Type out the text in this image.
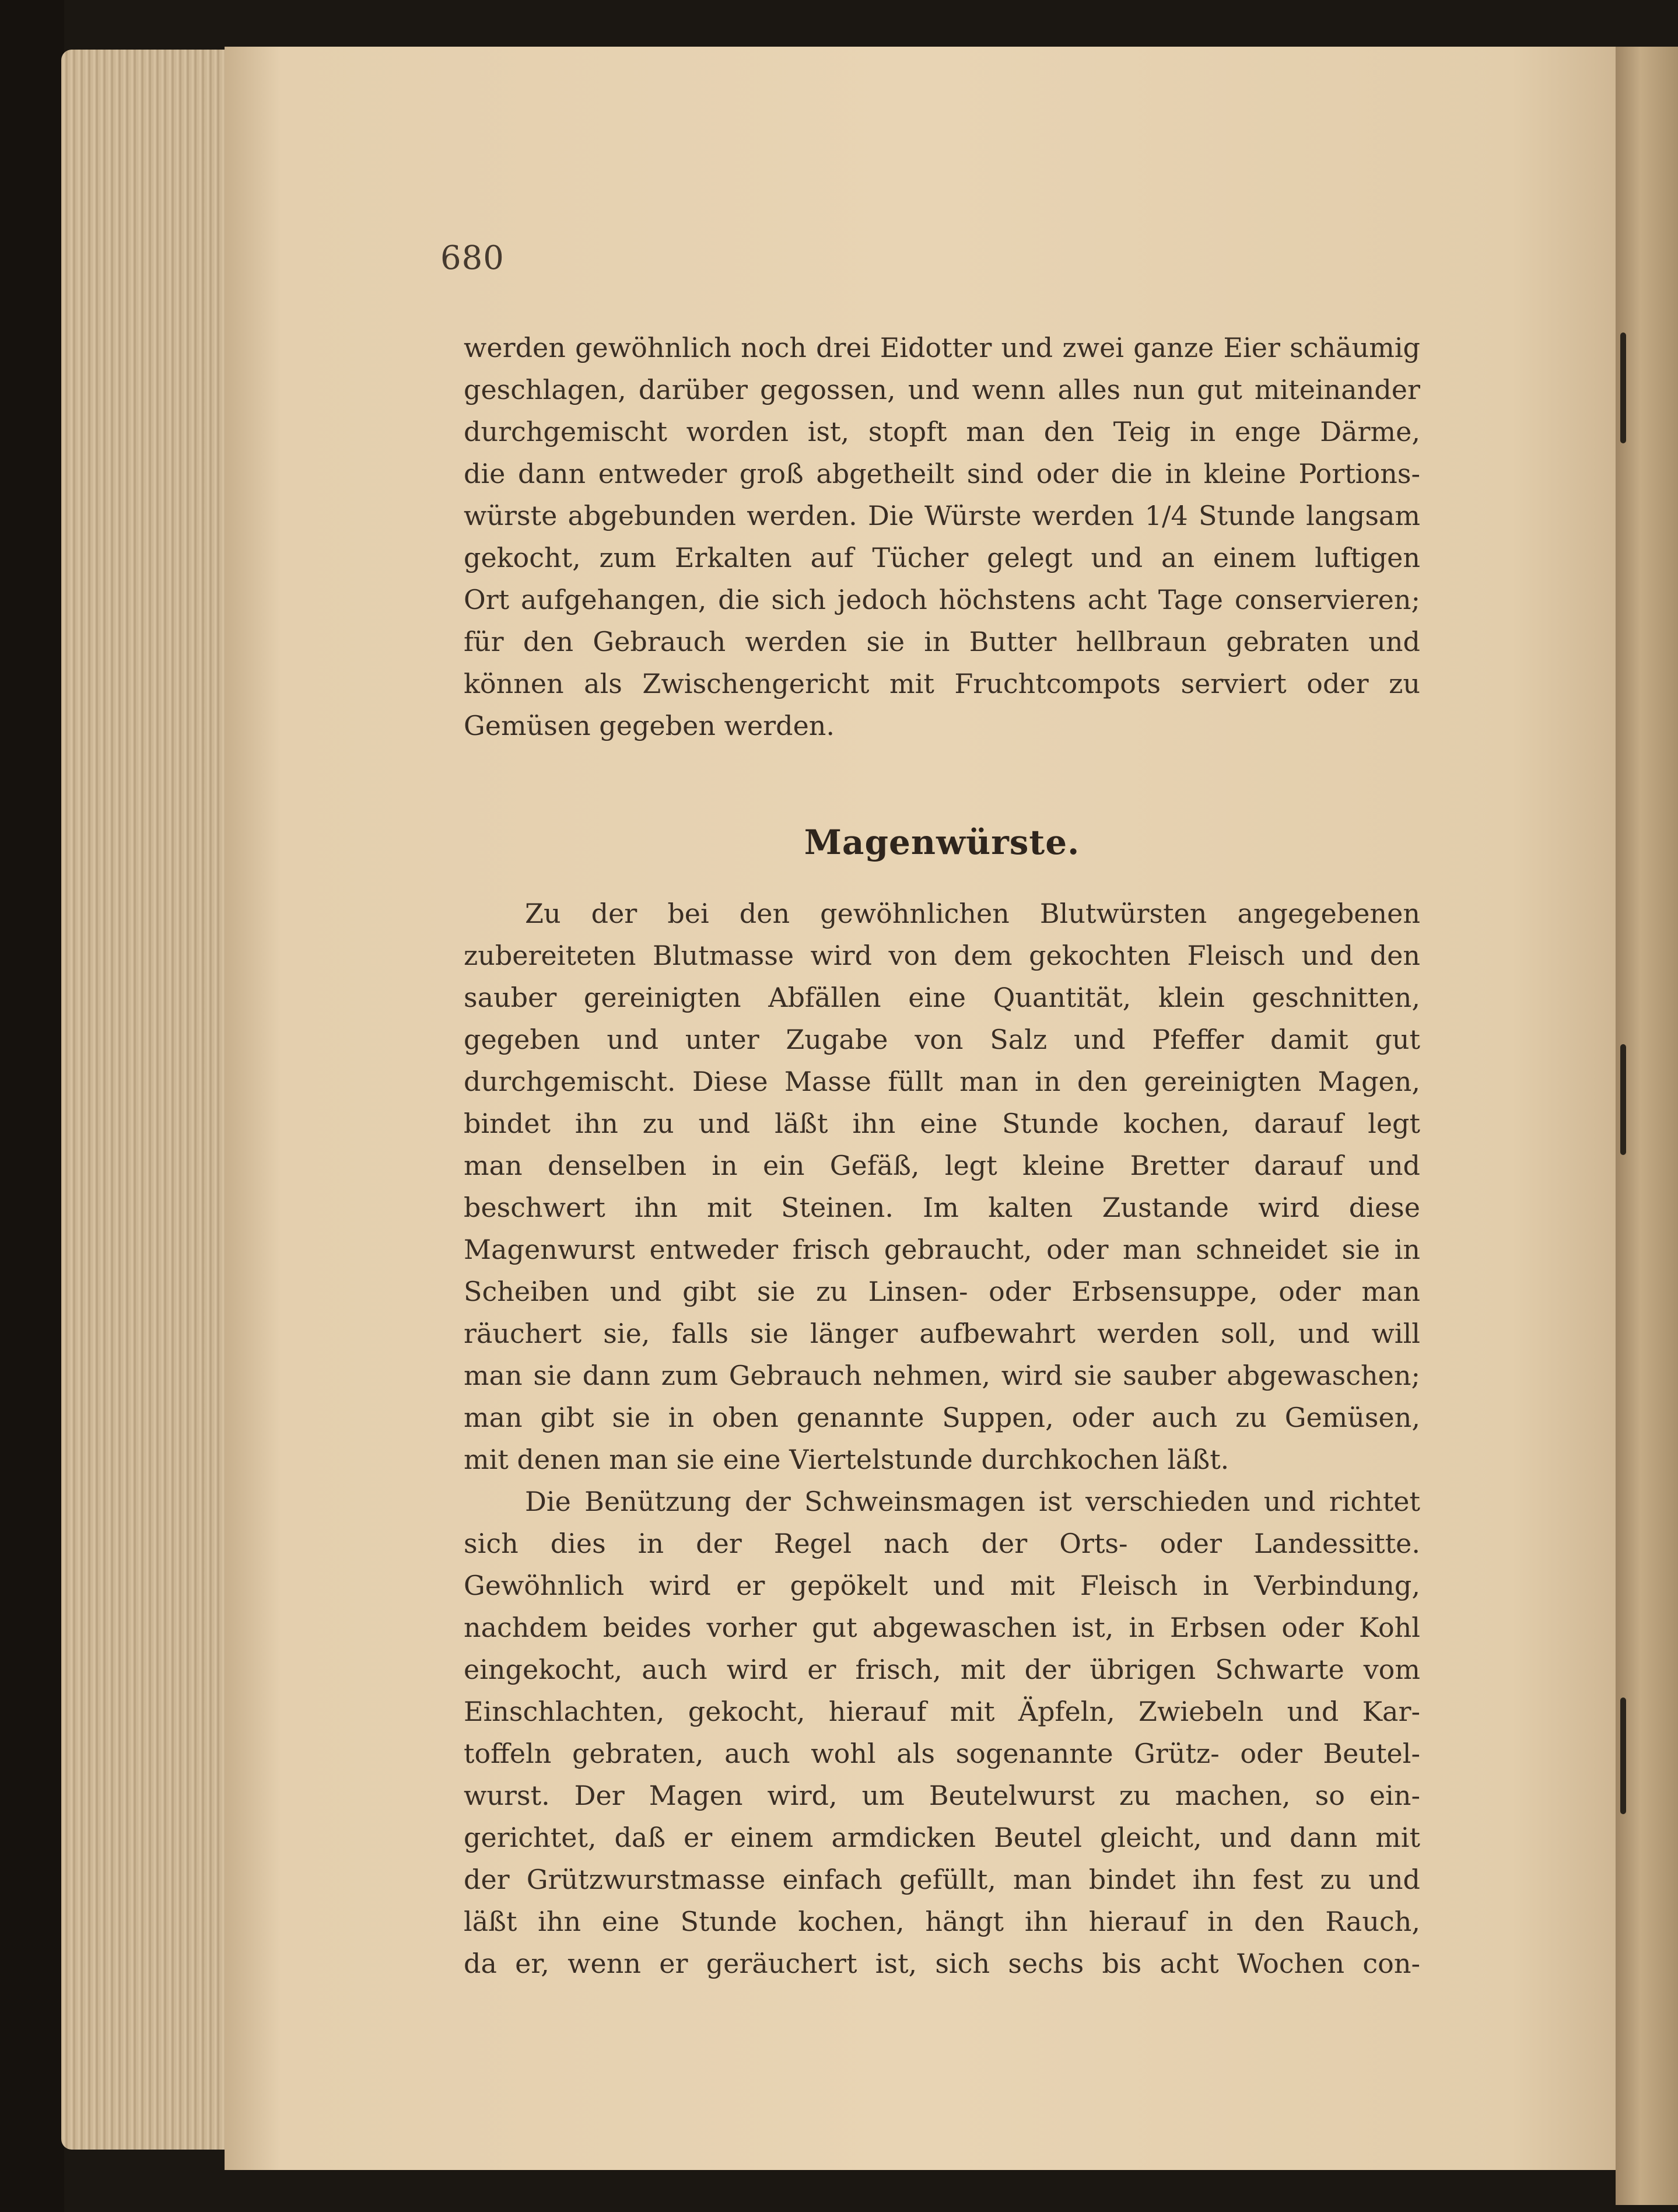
680
werden gewöhnlich noch drei Eidotter und zwei ganze Eier schäumig
geschlagen, darüber gegossen, und wenn alles nun gut miteinander
durchgemischt worden ist, stopft man den Teig in enge Därme,
die dann entweder groß abgetheilt sind oder die in kleine Portions-
würste abgebunden werden. Die Würste werden 1/4 Stunde langsam
gekocht, zum Erkalten auf Tücher gelegt und an einem luftigen
Ort aufgehangen, die sich jedoch höchstens acht Tage conservieren;
für den Gebrauch werden sie in Butter hellbraun gebraten und
können als Zwischengericht mit Fruchtcompots serviert oder zu
Gemüsen gegeben werden.
Magenwürste.
Zu der bei den gewöhnlichen Blutwürsten angegebenen
zubereiteten Blutmasse wird von dem gekochten Fleisch und den
sauber gereinigten Abfällen eine Quantität, klein geschnitten,
gegeben und unter Zugabe von Salz und Pfeffer damit gut
durchgemischt. Diese Masse füllt man in den gereinigten Magen,
bindet ihn zu und läßt ihn eine Stunde kochen, darauf legt
man denselben in ein Gefäß, legt kleine Bretter darauf und
beschwert ihn mit Steinen. Im kalten Zustande wird diese
Magenwurst entweder frisch gebraucht, oder man schneidet sie in
Scheiben und gibt sie zu Linsen- oder Erbsensuppe, oder man
räuchert sie, falls sie länger aufbewahrt werden soll, und will
man sie dann zum Gebrauch nehmen, wird sie sauber abgewaschen;
man gibt sie in oben genannte Suppen, oder auch zu Gemüsen,
mit denen man sie eine Viertelstunde durchkochen läßt.
Die Benützung der Schweinsmagen ist verschieden und richtet
sich dies in der Regel nach der Orts- oder Landessitte.
Gewöhnlich wird er gepökelt und mit Fleisch in Verbindung,
nachdem beides vorher gut abgewaschen ist, in Erbsen oder Kohl
eingekocht, auch wird er frisch, mit der übrigen Schwarte vom
Einschlachten, gekocht, hierauf mit Äpfeln, Zwiebeln und Kar-
toffeln gebraten, auch wohl als sogenannte Grütz- oder Beutel-
wurst. Der Magen wird, um Beutelwurst zu machen, so ein-
gerichtet, daß er einem armdicken Beutel gleicht, und dann mit
der Grützwurstmasse einfach gefüllt, man bindet ihn fest zu und
läßt ihn eine Stunde kochen, hängt ihn hierauf in den Rauch,
da er, wenn er geräuchert ist, sich sechs bis acht Wochen con-
